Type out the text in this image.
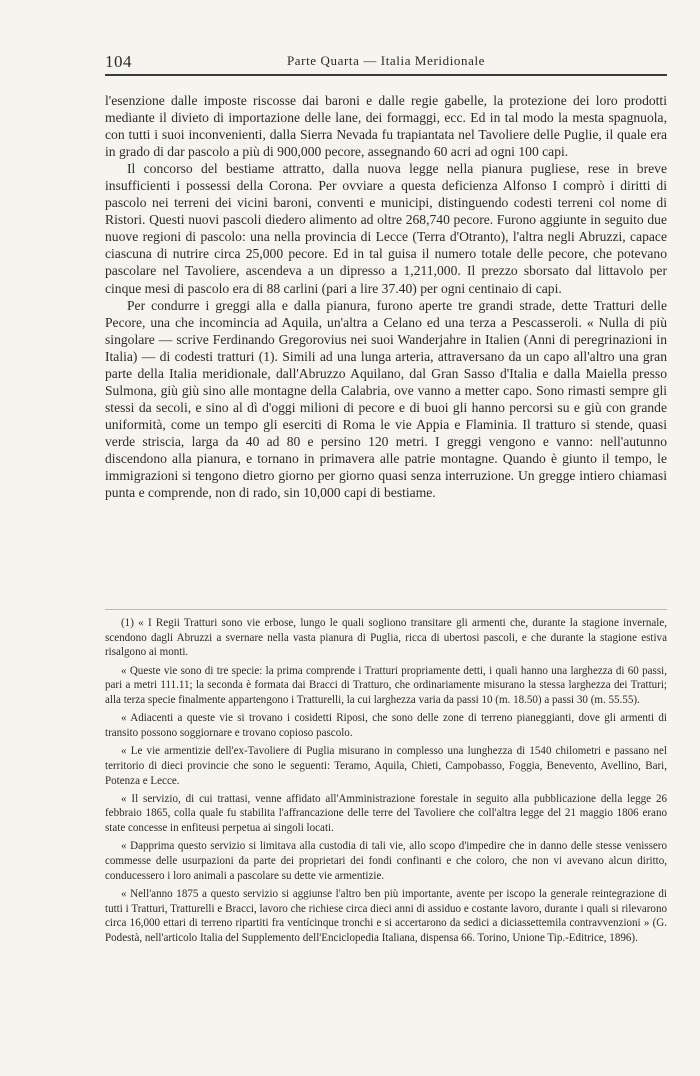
104	Parte Quarta — Italia Meridionale

l'esenzione dalle imposte riscosse dai baroni e dalle regie gabelle, la protezione dei loro prodotti mediante il divieto di importazione delle lane, dei formaggi, ecc. Ed in tal modo la mesta spagnuola, con tutti i suoi inconvenienti, dalla Sierra Nevada fu trapiantata nel Tavoliere delle Puglie, il quale era in grado di dar pascolo a più di 900,000 pecore, assegnando 60 acri ad ogni 100 capi.

Il concorso del bestiame attratto, dalla nuova legge nella pianura pugliese, rese in breve insufficienti i possessi della Corona. Per ovviare a questa deficienza Alfonso I comprò i diritti di pascolo nei terreni dei vicini baroni, conventi e municipi, distinguendo codesti terreni col nome di Ristori. Questi nuovi pascoli diedero alimento ad oltre 268,740 pecore. Furono aggiunte in seguito due nuove regioni di pascolo: una nella provincia di Lecce (Terra d'Otranto), l'altra negli Abruzzi, capace ciascuna di nutrire circa 25,000 pecore. Ed in tal guisa il numero totale delle pecore, che potevano pascolare nel Tavoliere, ascendeva a un dipresso a 1,211,000. Il prezzo sborsato dal littavolo per cinque mesi di pascolo era di 88 carlini (pari a lire 37.40) per ogni centinaio di capi.

Per condurre i greggi alla e dalla pianura, furono aperte tre grandi strade, dette Tratturi delle Pecore, una che incomincia ad Aquila, un'altra a Celano ed una terza a Pescasseroli. « Nulla di più singolare — scrive Ferdinando Gregorovius nei suoi Wanderjahre in Italien (Anni di peregrinazioni in Italia) — di codesti tratturi (1). Simili ad una lunga arteria, attraversano da un capo all'altro una gran parte della Italia meridionale, dall'Abruzzo Aquilano, dal Gran Sasso d'Italia e dalla Maiella presso Sulmona, giù giù sino alle montagne della Calabria, ove vanno a metter capo. Sono rimasti sempre gli stessi da secoli, e sino al dì d'oggi milioni di pecore e di buoi gli hanno percorsi su e giù con grande uniformità, come un tempo gli eserciti di Roma le vie Appia e Flaminia. Il tratturo si stende, quasi verde striscia, larga da 40 ad 80 e persino 120 metri. I greggi vengono e vanno: nell'autunno discendono alla pianura, e tornano in primavera alle patrie montagne. Quando è giunto il tempo, le immigrazioni si tengono dietro giorno per giorno quasi senza interruzione. Un gregge intiero chiamasi punta e comprende, non di rado, sin 10,000 capi di bestiame.

(1) « I Regii Tratturi sono vie erbose, lungo le quali sogliono transitare gli armenti che, durante la stagione invernale, scendono dagli Abruzzi a svernare nella vasta pianura di Puglia, ricca di ubertosi pascoli, e che durante la stagione estiva risalgono ai monti.

« Queste vie sono di tre specie: la prima comprende i Tratturi propriamente detti, i quali hanno una larghezza di 60 passi, pari a metri 111.11; la seconda è formata dai Bracci di Tratturo, che ordinariamente misurano la stessa larghezza dei Tratturi; alla terza specie finalmente appartengono i Tratturelli, la cui larghezza varia da passi 10 (m. 18.50) a passi 30 (m. 55.55).

« Adiacenti a queste vie si trovano i cosidetti Riposi, che sono delle zone di terreno pianeggianti, dove gli armenti di transito possono soggiornare e trovano copioso pascolo.

« Le vie armentizie dell'ex-Tavoliere di Puglia misurano in complesso una lunghezza di 1540 chilometri e passano nel territorio di dieci provincie che sono le seguenti: Teramo, Aquila, Chieti, Campobasso, Foggia, Benevento, Avellino, Bari, Potenza e Lecce.

« Il servizio, di cui trattasi, venne affidato all'Amministrazione forestale in seguito alla pubblicazione della legge 26 febbraio 1865, colla quale fu stabilita l'affrancazione delle terre del Tavoliere che coll'altra legge del 21 maggio 1806 erano state concesse in enfiteusi perpetua ai singoli locati.

« Dapprima questo servizio si limitava alla custodia di tali vie, allo scopo d'impedire che in danno delle stesse venissero commesse delle usurpazioni da parte dei proprietari dei fondi confinanti e che coloro, che non vi avevano alcun diritto, conducessero i loro animali a pascolare su dette vie armentizie.

« Nell'anno 1875 a questo servizio si aggiunse l'altro ben più importante, avente per iscopo la generale reintegrazione di tutti i Tratturi, Tratturelli e Bracci, lavoro che richiese circa dieci anni di assiduo e costante lavoro, durante i quali si rilevarono circa 16,000 ettari di terreno ripartiti fra ventícinque tronchi e si accertarono da sedici a diciassettemila contravvenzioni » (G. Podestà, nell'articolo Italia del Supplemento dell'Enciclopedia Italiana, dispensa 66. Torino, Unione Tip.-Editrice, 1896).
